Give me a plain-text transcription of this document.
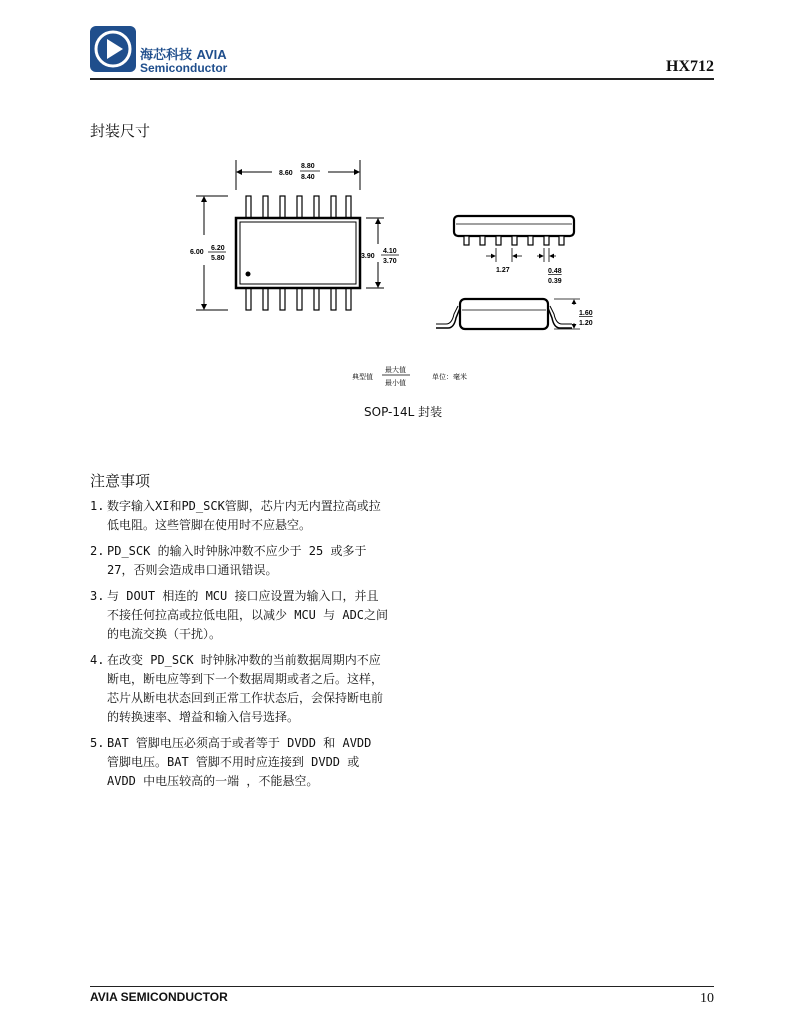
海芯科技 AVIA
Semiconductor	HX712
封装尺寸
8.60
8.80
8.40
6.00
6.20
5.80	3.90
4.10
3.70
1.27	0.48
0.39
1.60
1.20
典型值
最大值
最小值
单位：毫米
SOP-14L 封装
注意事项
1. 数字输入XI和PD_SCK管脚，芯片内无内置拉高或拉低电阻。这些管脚在使用时不应悬空。
2. PD_SCK 的输入时钟脉冲数不应少于 25 或多于 27，否则会造成串口通讯错误。
3. 与 DOUT 相连的 MCU 接口应设置为输入口，并且不接任何拉高或拉低电阻，以减少 MCU 与 ADC之间的电流交换（干扰）。
4. 在改变 PD_SCK 时钟脉冲数的当前数据周期内不应断电，断电应等到下一个数据周期或者之后。这样，芯片从断电状态回到正常工作状态后，会保持断电前的转换速率、增益和输入信号选择。
5. BAT 管脚电压必须高于或者等于 DVDD 和 AVDD 管脚电压。BAT 管脚不用时应连接到 DVDD 或 AVDD 中电压较高的一端 ，不能悬空。
AVIA SEMICONDUCTOR	10
